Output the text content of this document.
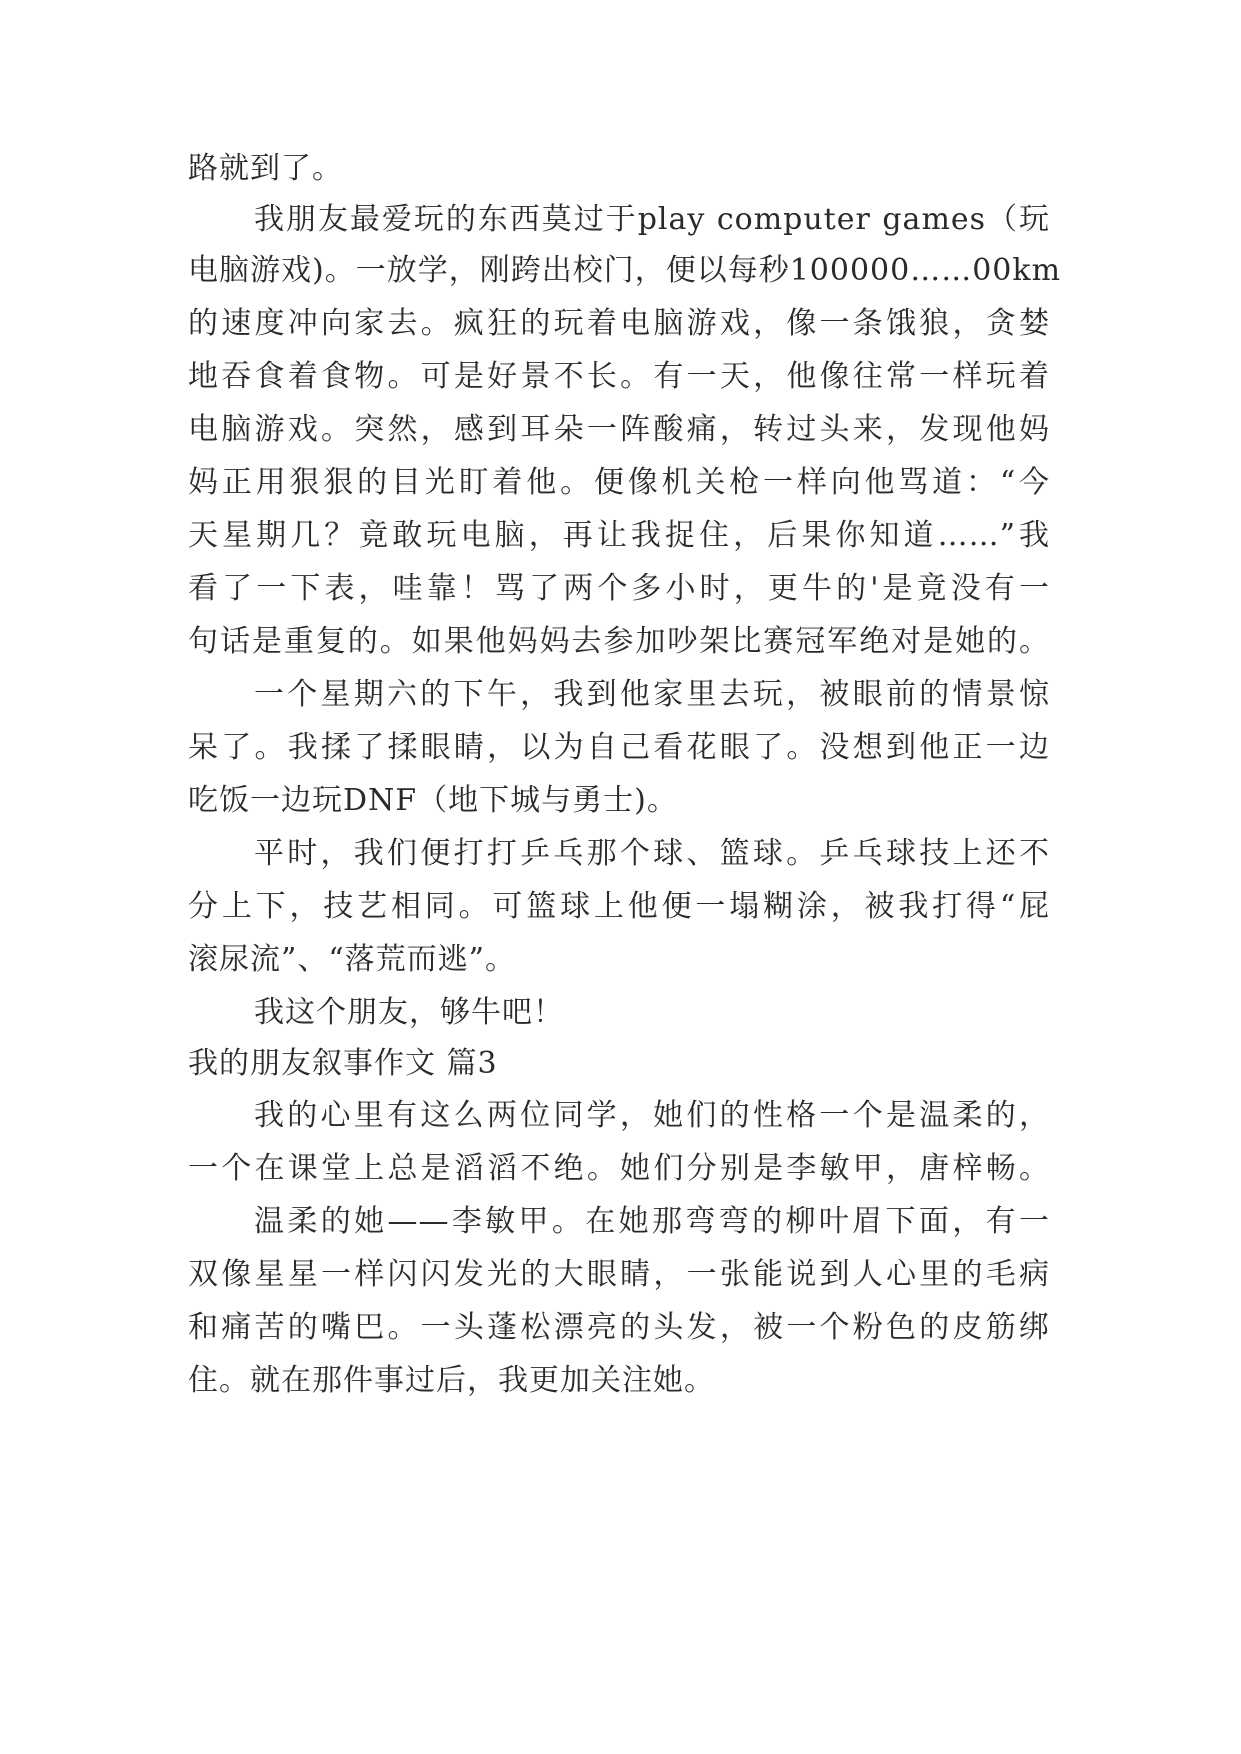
路就到了。
我朋友最爱玩的东西莫过于play computer games（玩
电脑游戏)。一放学，刚跨出校门，便以每秒100000……00km
的速度冲向家去。疯狂的玩着电脑游戏，像一条饿狼，贪婪
地吞食着食物。可是好景不长。有一天，他像往常一样玩着
电脑游戏。突然，感到耳朵一阵酸痛，转过头来，发现他妈
妈正用狠狠的目光盯着他。便像机关枪一样向他骂道：“今
天星期几？竟敢玩电脑，再让我捉住，后果你知道……”我
看了一下表，哇靠！骂了两个多小时，更牛的'是竟没有一
句话是重复的。如果他妈妈去参加吵架比赛冠军绝对是她的。
一个星期六的下午，我到他家里去玩，被眼前的情景惊
呆了。我揉了揉眼睛，以为自己看花眼了。没想到他正一边
吃饭一边玩DNF（地下城与勇士)。
平时，我们便打打乒乓那个球、篮球。乒乓球技上还不
分上下，技艺相同。可篮球上他便一塌糊涂，被我打得“屁
滚尿流”、“落荒而逃”。
我这个朋友，够牛吧！
我的朋友叙事作文 篇3
我的心里有这么两位同学，她们的性格一个是温柔的，
一个在课堂上总是滔滔不绝。她们分别是李敏甲，唐梓畅。
温柔的她——李敏甲。在她那弯弯的柳叶眉下面，有一
双像星星一样闪闪发光的大眼睛，一张能说到人心里的毛病
和痛苦的嘴巴。一头蓬松漂亮的头发，被一个粉色的皮筋绑
住。就在那件事过后，我更加关注她。
